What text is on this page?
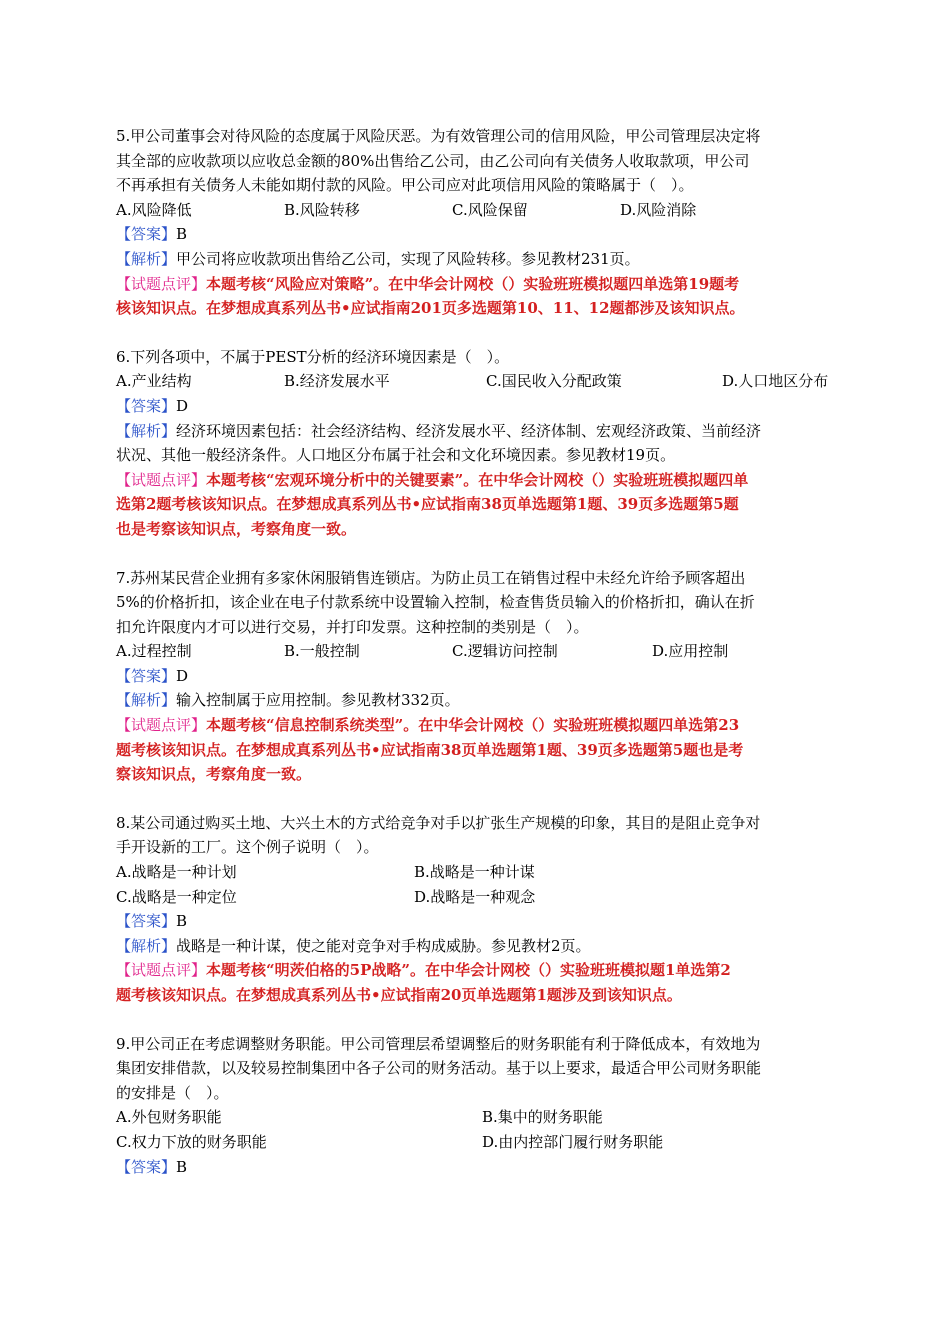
5.甲公司董事会对待风险的态度属于风险厌恶。为有效管理公司的信用风险，甲公司管理层决定将
其全部的应收款项以应收总金额的80%出售给乙公司，由乙公司向有关债务人收取款项，甲公司
不再承担有关债务人未能如期付款的风险。甲公司应对此项信用风险的策略属于（　）。
A.风险降低	B.风险转移	C.风险保留	D.风险消除
【答案】B
【解析】甲公司将应收款项出售给乙公司，实现了风险转移。参见教材231页。
【试题点评】本题考核“风险应对策略”。在中华会计网校（）实验班班模拟题四单选第19题考
核该知识点。在梦想成真系列丛书•应试指南201页多选题第10、11、12题都涉及该知识点。
6.下列各项中，不属于PEST分析的经济环境因素是（　）。
A.产业结构	B.经济发展水平	C.国民收入分配政策	D.人口地区分布
【答案】D
【解析】经济环境因素包括：社会经济结构、经济发展水平、经济体制、宏观经济政策、当前经济
状况、其他一般经济条件。人口地区分布属于社会和文化环境因素。参见教材19页。
【试题点评】本题考核“宏观环境分析中的关键要素”。在中华会计网校（）实验班班模拟题四单
选第2题考核该知识点。在梦想成真系列丛书•应试指南38页单选题第1题、39页多选题第5题
也是考察该知识点，考察角度一致。
7.苏州某民营企业拥有多家休闲服销售连锁店。为防止员工在销售过程中未经允许给予顾客超出
5%的价格折扣，该企业在电子付款系统中设置输入控制，检查售货员输入的价格折扣，确认在折
扣允许限度内才可以进行交易，并打印发票。这种控制的类别是（　）。
A.过程控制	B.一般控制	C.逻辑访问控制	D.应用控制
【答案】D
【解析】输入控制属于应用控制。参见教材332页。
【试题点评】本题考核“信息控制系统类型”。在中华会计网校（）实验班班模拟题四单选第23
题考核该知识点。在梦想成真系列丛书•应试指南38页单选题第1题、39页多选题第5题也是考
察该知识点，考察角度一致。
8.某公司通过购买土地、大兴土木的方式给竞争对手以扩张生产规模的印象，其目的是阻止竞争对
手开设新的工厂。这个例子说明（　）。
A.战略是一种计划	B.战略是一种计谋
C.战略是一种定位	D.战略是一种观念
【答案】B
【解析】战略是一种计谋，使之能对竞争对手构成威胁。参见教材2页。
【试题点评】本题考核“明茨伯格的5P战略”。在中华会计网校（）实验班班模拟题1单选第2
题考核该知识点。在梦想成真系列丛书•应试指南20页单选题第1题涉及到该知识点。
9.甲公司正在考虑调整财务职能。甲公司管理层希望调整后的财务职能有利于降低成本，有效地为
集团安排借款，以及较易控制集团中各子公司的财务活动。基于以上要求，最适合甲公司财务职能
的安排是（　）。
A.外包财务职能	B.集中的财务职能
C.权力下放的财务职能	D.由内控部门履行财务职能
【答案】B
